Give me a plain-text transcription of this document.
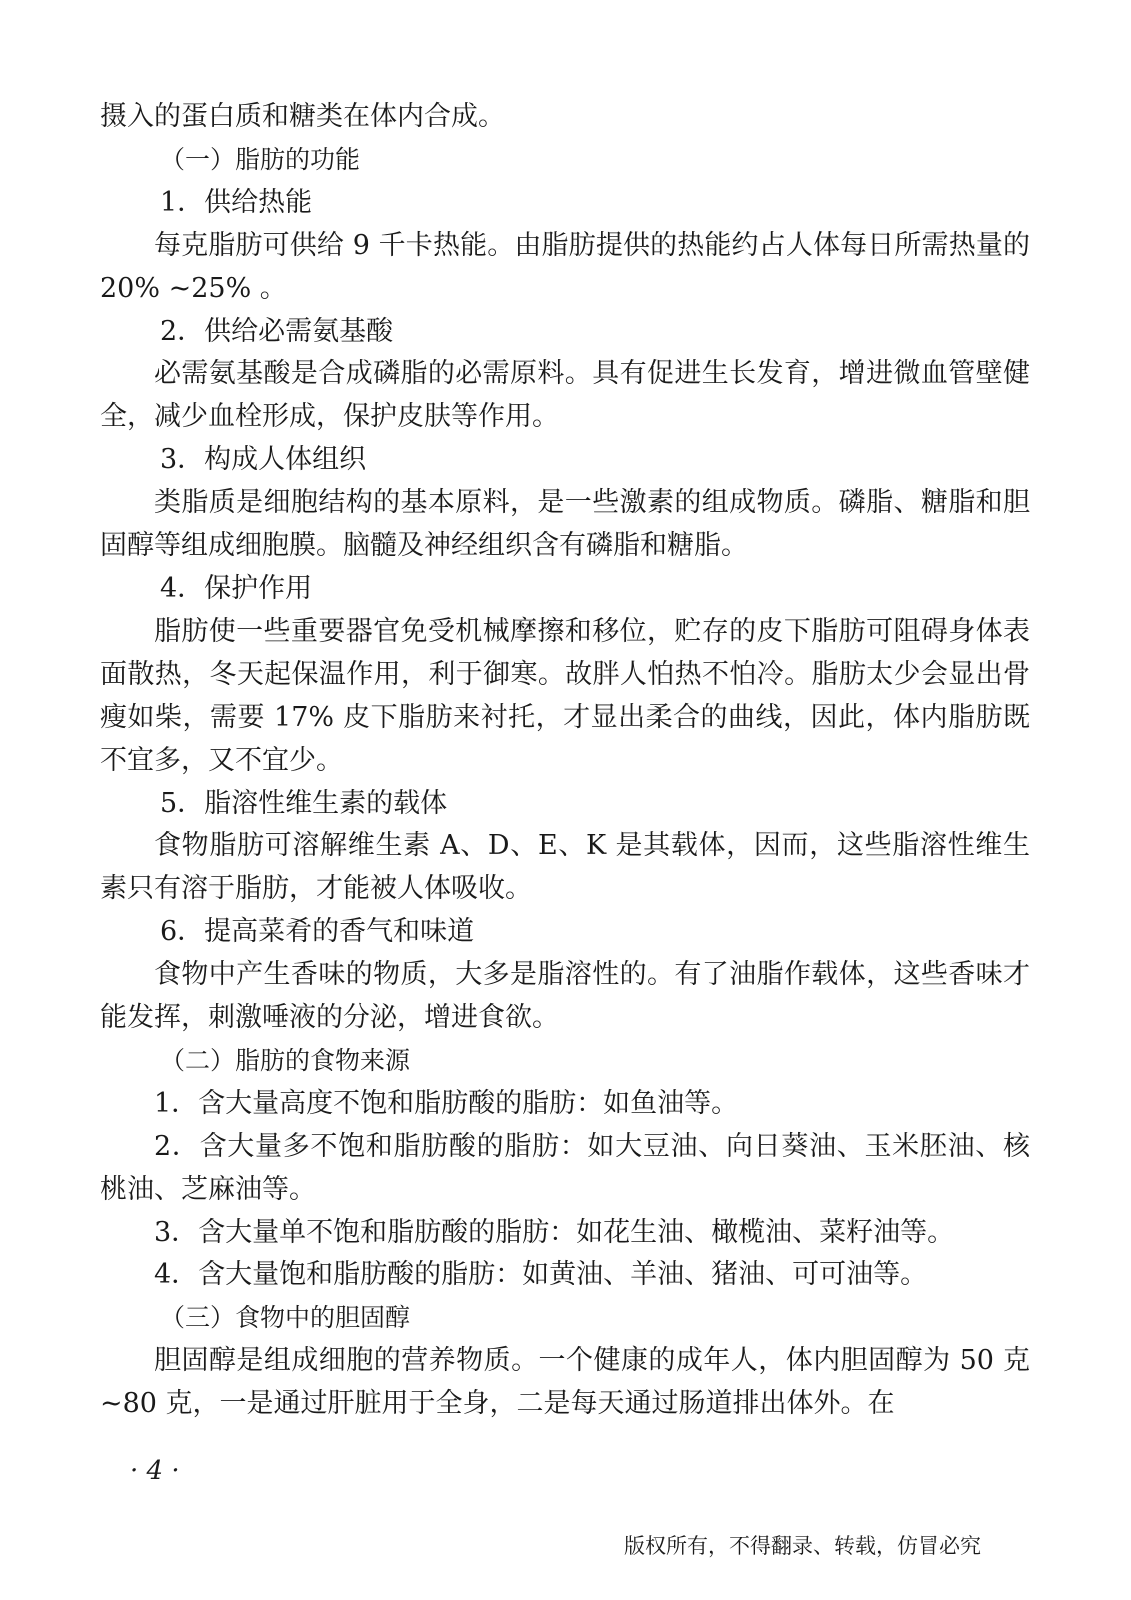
摄入的蛋白质和糖类在体内合成。

（一）脂肪的功能

1．供给热能

每克脂肪可供给 9 千卡热能。由脂肪提供的热能约占人体每日所需热量的 20% ~25% 。

2．供给必需氨基酸

必需氨基酸是合成磷脂的必需原料。具有促进生长发育，增进微血管壁健全，减少血栓形成，保护皮肤等作用。

3．构成人体组织

类脂质是细胞结构的基本原料，是一些激素的组成物质。磷脂、糖脂和胆固醇等组成细胞膜。脑髓及神经组织含有磷脂和糖脂。

4．保护作用

脂肪使一些重要器官免受机械摩擦和移位，贮存的皮下脂肪可阻碍身体表面散热，冬天起保温作用，利于御寒。故胖人怕热不怕冷。脂肪太少会显出骨瘦如柴，需要 17% 皮下脂肪来衬托，才显出柔合的曲线，因此，体内脂肪既不宜多，又不宜少。

5．脂溶性维生素的载体

食物脂肪可溶解维生素 A、D、E、K 是其载体，因而，这些脂溶性维生素只有溶于脂肪，才能被人体吸收。

6．提高菜肴的香气和味道

食物中产生香味的物质，大多是脂溶性的。有了油脂作载体，这些香味才能发挥，刺激唾液的分泌，增进食欲。

（二）脂肪的食物来源

1．含大量高度不饱和脂肪酸的脂肪：如鱼油等。

2．含大量多不饱和脂肪酸的脂肪：如大豆油、向日葵油、玉米胚油、核桃油、芝麻油等。

3．含大量单不饱和脂肪酸的脂肪：如花生油、橄榄油、菜籽油等。

4．含大量饱和脂肪酸的脂肪：如黄油、羊油、猪油、可可油等。

（三）食物中的胆固醇

胆固醇是组成细胞的营养物质。一个健康的成年人，体内胆固醇为 50 克 ~80 克，一是通过肝脏用于全身，二是每天通过肠道排出体外。在

· 4 ·
版权所有，不得翻录、转载，仿冒必究
